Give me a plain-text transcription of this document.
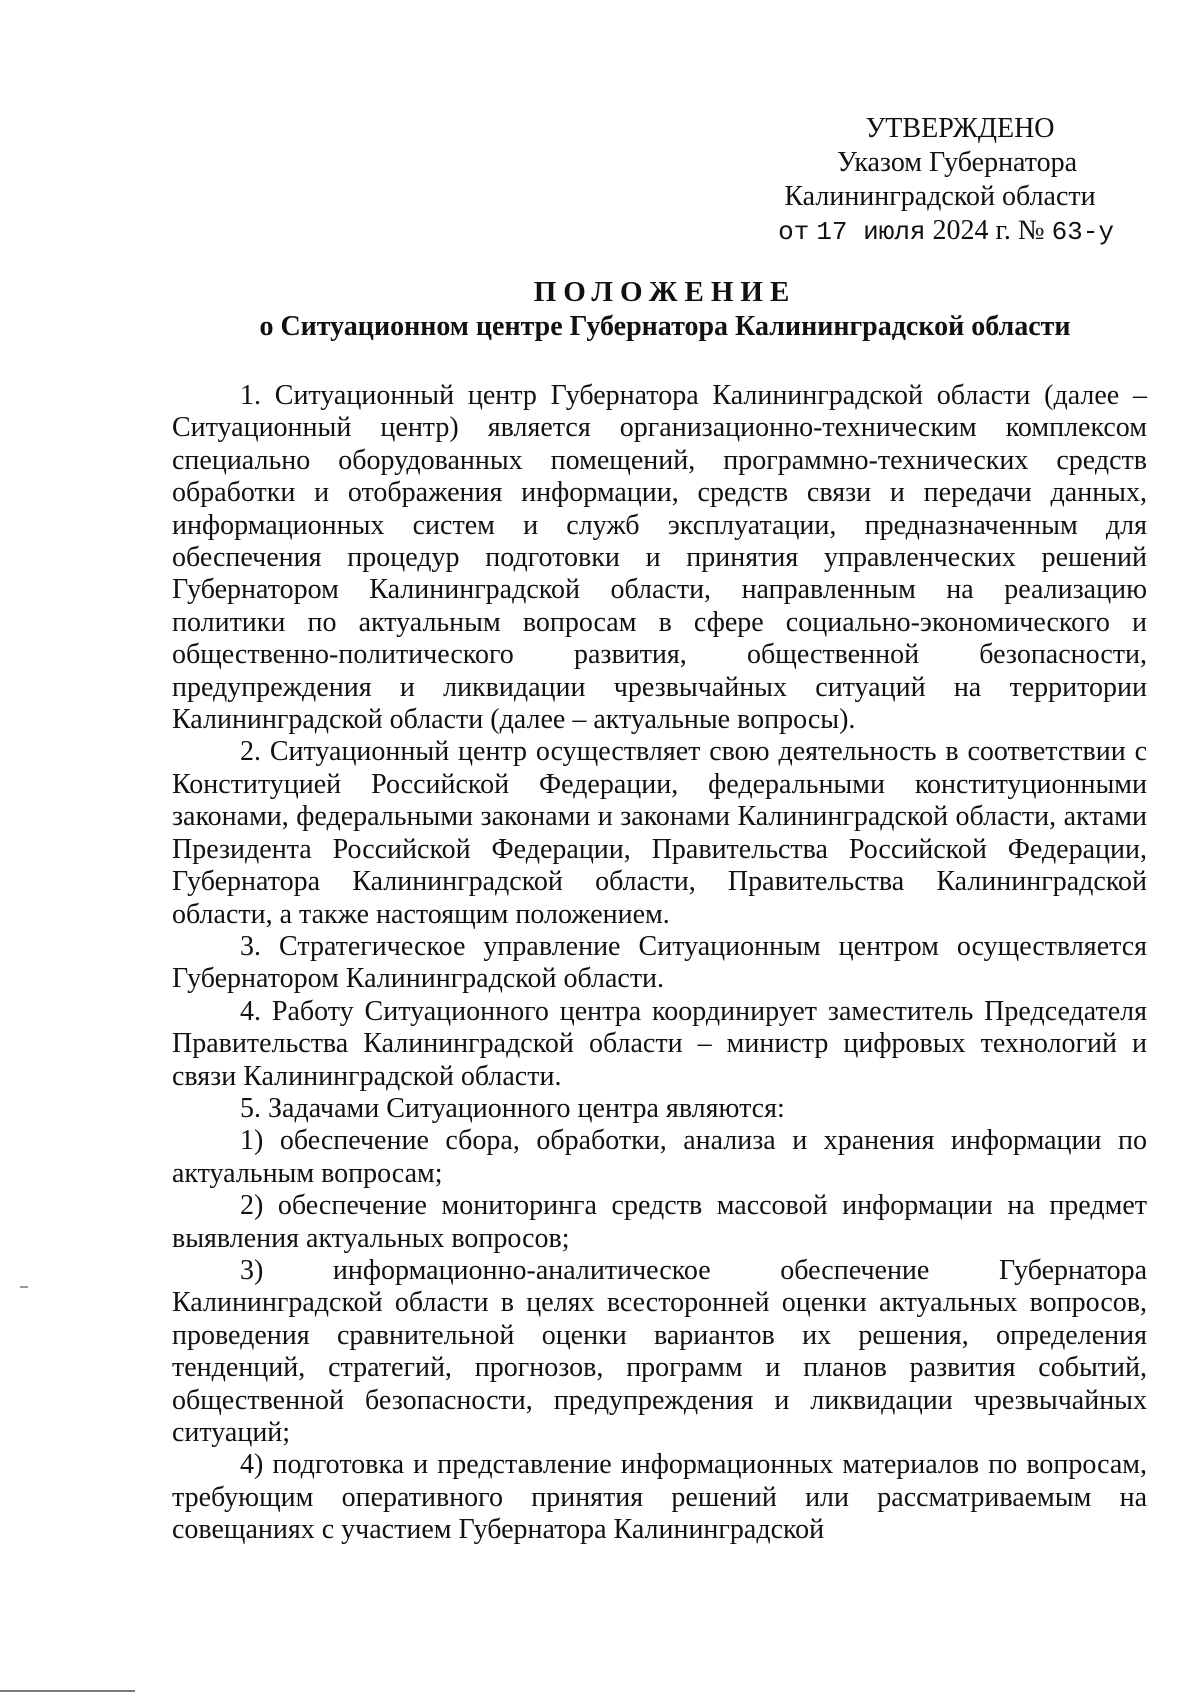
УТВЕРЖДЕНО
Указом Губернатора
Калининградской области
от 17 июля 2024 г. № 63-у
ПОЛОЖЕНИЕ
о Ситуационном центре Губернатора Калининградской области

1. Ситуационный центр Губернатора Калининградской области (далее – Ситуационный центр) является организационно-техническим комплексом специально оборудованных помещений, программно-технических средств обработки и отображения информации, средств связи и передачи данных, информационных систем и служб эксплуатации, предназначенным для обеспечения процедур подготовки и принятия управленческих решений Губернатором Калининградской области, направленным на реализацию политики по актуальным вопросам в сфере социально-экономического и общественно-политического развития, общественной безопасности, предупреждения и ликвидации чрезвычайных ситуаций на территории Калининградской области (далее – актуальные вопросы).

2. Ситуационный центр осуществляет свою деятельность в соответствии с Конституцией Российской Федерации, федеральными конституционными законами, федеральными законами и законами Калининградской области, актами Президента Российской Федерации, Правительства Российской Федерации, Губернатора Калининградской области, Правительства Калининградской области, а также настоящим положением.

3. Стратегическое управление Ситуационным центром осуществляется Губернатором Калининградской области.

4. Работу Ситуационного центра координирует заместитель Председателя Правительства Калининградской области – министр цифровых технологий и связи Калининградской области.

5. Задачами Ситуационного центра являются:

1) обеспечение сбора, обработки, анализа и хранения информации по актуальным вопросам;

2) обеспечение мониторинга средств массовой информации на предмет выявления актуальных вопросов;

3) информационно-аналитическое обеспечение Губернатора Калининградской области в целях всесторонней оценки актуальных вопросов, проведения сравнительной оценки вариантов их решения, определения тенденций, стратегий, прогнозов, программ и планов развития событий, общественной безопасности, предупреждения и ликвидации чрезвычайных ситуаций;

4) подготовка и представление информационных материалов по вопросам, требующим оперативного принятия решений или рассматриваемым на совещаниях с участием Губернатора Калининградской
